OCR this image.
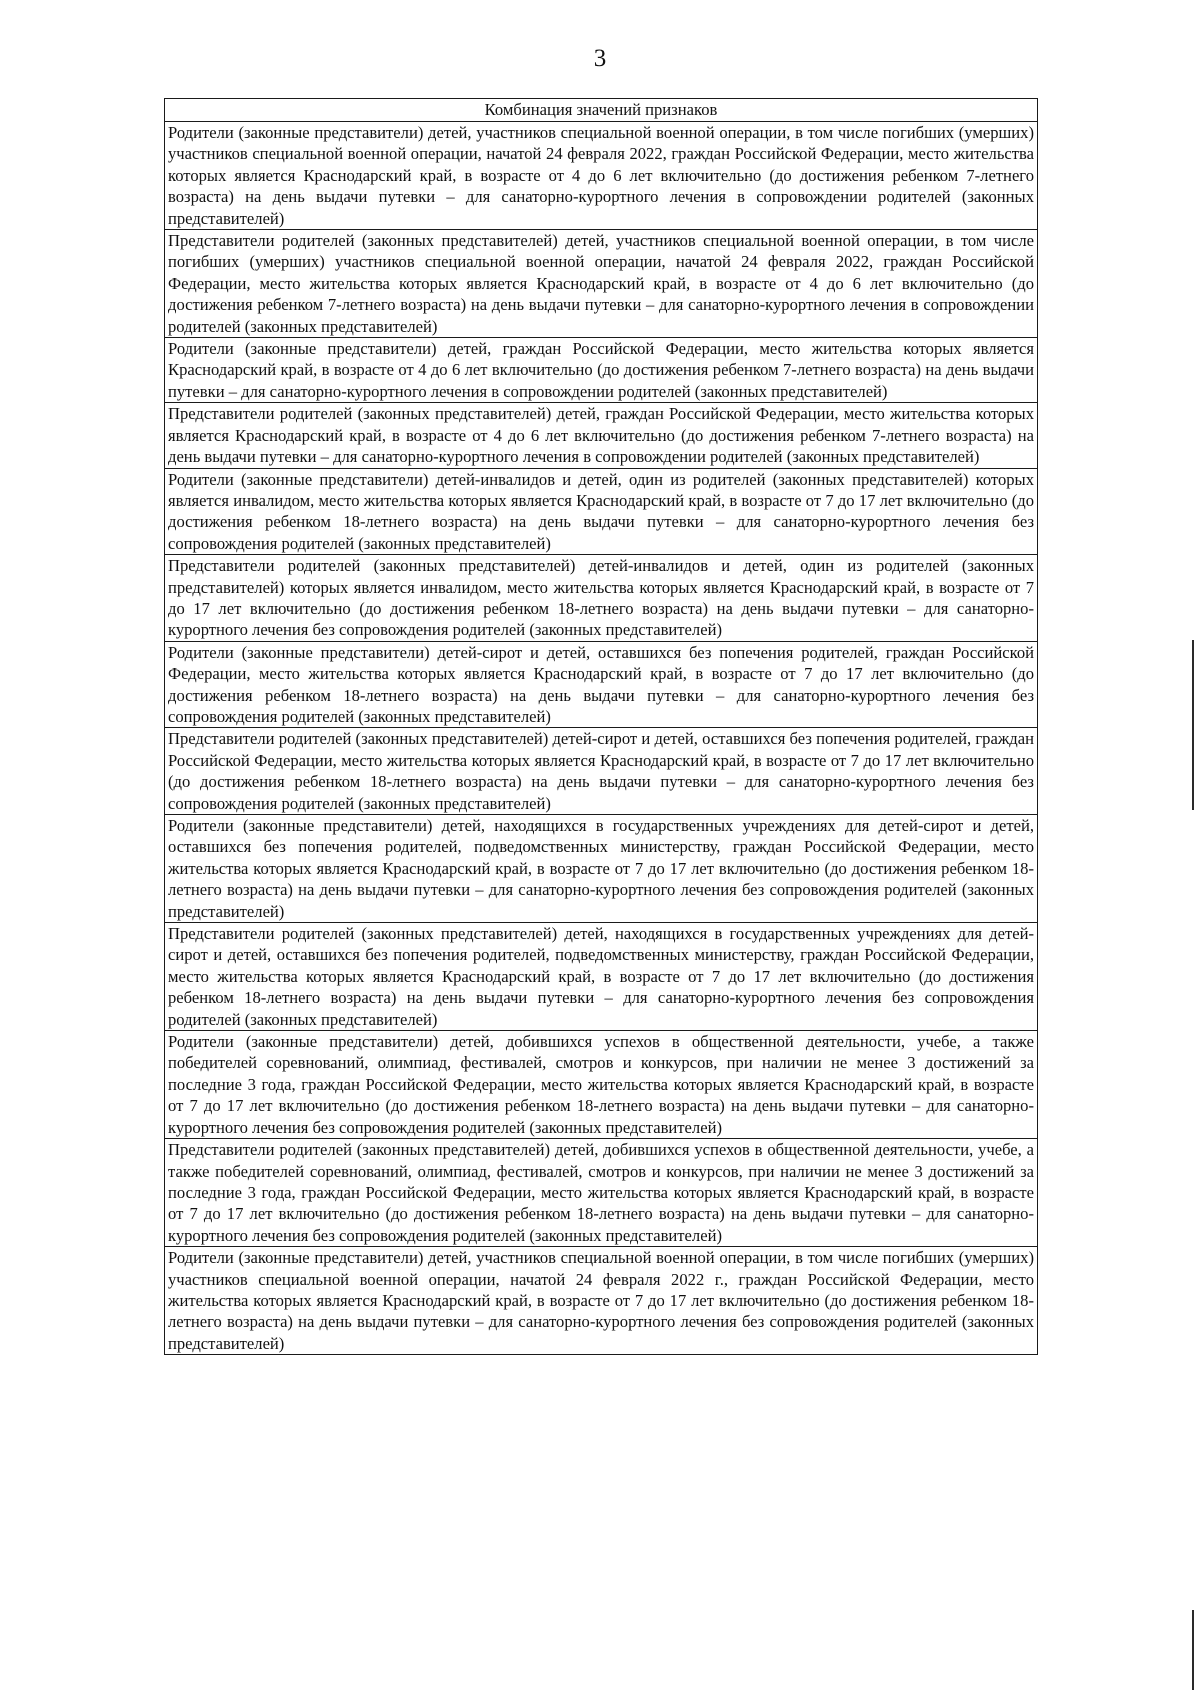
3
Комбинация значений признаков
Родители (законные представители) детей, участников специальной военной операции, в том числе погибших (умерших) участников специальной военной операции, начатой 24 февраля 2022, граждан Российской Федерации, место жительства которых является Краснодарский край, в возрасте от 4 до 6 лет включительно (до достижения ребенком 7-летнего возраста) на день выдачи путевки – для санаторно-курортного лечения в сопровождении родителей (законных представителей)
Представители родителей (законных представителей) детей, участников специальной военной операции, в том числе погибших (умерших) участников специальной военной операции, начатой 24 февраля 2022, граждан Российской Федерации, место жительства которых является Краснодарский край, в возрасте от 4 до 6 лет включительно (до достижения ребенком 7-летнего возраста) на день выдачи путевки – для санаторно-курортного лечения в сопровождении родителей (законных представителей)
Родители (законные представители) детей, граждан Российской Федерации, место жительства которых является Краснодарский край, в возрасте от 4 до 6 лет включительно (до достижения ребенком 7-летнего возраста) на день выдачи путевки – для санаторно-курортного лечения в сопровождении родителей (законных представителей)
Представители родителей (законных представителей) детей, граждан Российской Федерации, место жительства которых является Краснодарский край, в возрасте от 4 до 6 лет включительно (до достижения ребенком 7-летнего возраста) на день выдачи путевки – для санаторно-курортного лечения в сопровождении родителей (законных представителей)
Родители (законные представители) детей-инвалидов и детей, один из родителей (законных представителей) которых является инвалидом, место жительства которых является Краснодарский край, в возрасте от 7 до 17 лет включительно (до достижения ребенком 18-летнего возраста) на день выдачи путевки – для санаторно-курортного лечения без сопровождения родителей (законных представителей)
Представители родителей (законных представителей) детей-инвалидов и детей, один из родителей (законных представителей) которых является инвалидом, место жительства которых является Краснодарский край, в возрасте от 7 до 17 лет включительно (до достижения ребенком 18-летнего возраста) на день выдачи путевки – для санаторно-курортного лечения без сопровождения родителей (законных представителей)
Родители (законные представители) детей-сирот и детей, оставшихся без попечения родителей, граждан Российской Федерации, место жительства которых является Краснодарский край, в возрасте от 7 до 17 лет включительно (до достижения ребенком 18-летнего возраста) на день выдачи путевки – для санаторно-курортного лечения без сопровождения родителей (законных представителей)
Представители родителей (законных представителей) детей-сирот и детей, оставшихся без попечения родителей, граждан Российской Федерации, место жительства которых является Краснодарский край, в возрасте от 7 до 17 лет включительно (до достижения ребенком 18-летнего возраста) на день выдачи путевки – для санаторно-курортного лечения без сопровождения родителей (законных представителей)
Родители (законные представители) детей, находящихся в государственных учреждениях для детей-сирот и детей, оставшихся без попечения родителей, подведомственных министерству, граждан Российской Федерации, место жительства которых является Краснодарский край, в возрасте от 7 до 17 лет включительно (до достижения ребенком 18-летнего возраста) на день выдачи путевки – для санаторно-курортного лечения без сопровождения родителей (законных представителей)
Представители родителей (законных представителей) детей, находящихся в государственных учреждениях для детей-сирот и детей, оставшихся без попечения родителей, подведомственных министерству, граждан Российской Федерации, место жительства которых является Краснодарский край, в возрасте от 7 до 17 лет включительно (до достижения ребенком 18-летнего возраста) на день выдачи путевки – для санаторно-курортного лечения без сопровождения родителей (законных представителей)
Родители (законные представители) детей, добившихся успехов в общественной деятельности, учебе, а также победителей соревнований, олимпиад, фестивалей, смотров и конкурсов, при наличии не менее 3 достижений за последние 3 года, граждан Российской Федерации, место жительства которых является Краснодарский край, в возрасте от 7 до 17 лет включительно (до достижения ребенком 18-летнего возраста) на день выдачи путевки – для санаторно-курортного лечения без сопровождения родителей (законных представителей)
Представители родителей (законных представителей) детей, добившихся успехов в общественной деятельности, учебе, а также победителей соревнований, олимпиад, фестивалей, смотров и конкурсов, при наличии не менее 3 достижений за последние 3 года, граждан Российской Федерации, место жительства которых является Краснодарский край, в возрасте от 7 до 17 лет включительно (до достижения ребенком 18-летнего возраста) на день выдачи путевки – для санаторно-курортного лечения без сопровождения родителей (законных представителей)
Родители (законные представители) детей, участников специальной военной операции, в том числе погибших (умерших) участников специальной военной операции, начатой 24 февраля 2022 г., граждан Российской Федерации, место жительства которых является Краснодарский край, в возрасте от 7 до 17 лет включительно (до достижения ребенком 18-летнего возраста) на день выдачи путевки – для санаторно-курортного лечения без сопровождения родителей (законных представителей)
